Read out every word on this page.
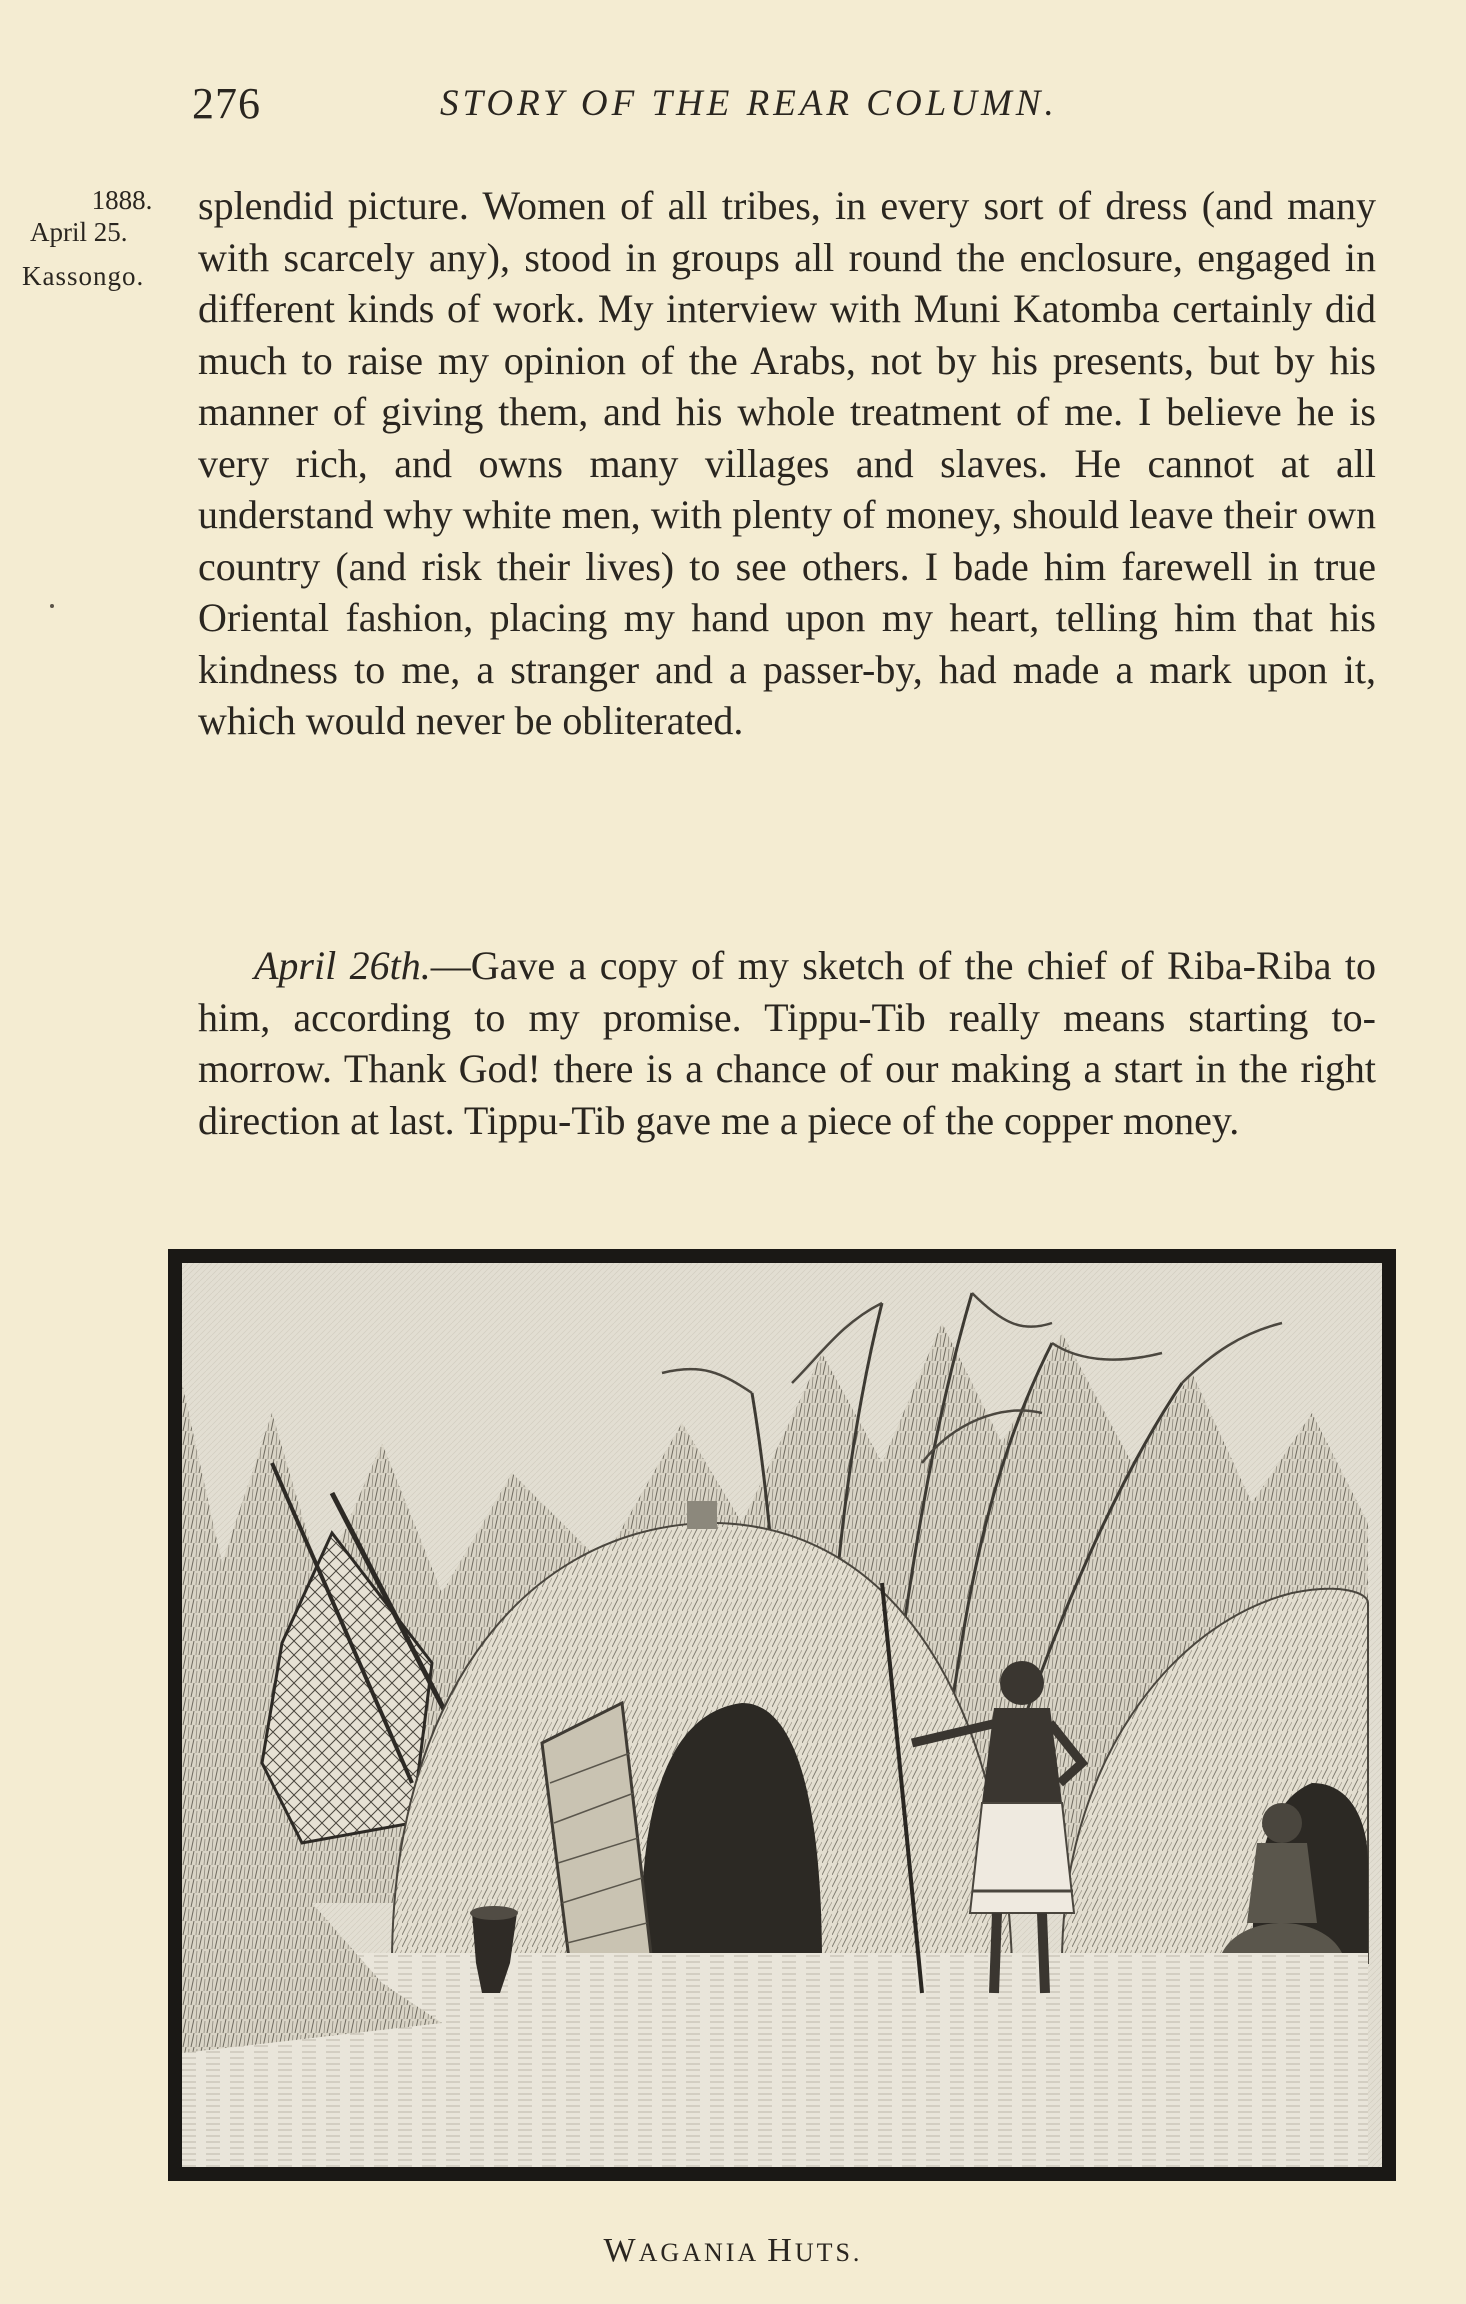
276	STORY OF THE REAR COLUMN.
1888.
April 25.
Kassongo.
splendid picture. Women of all tribes, in every sort of dress (and many with scarcely any), stood in groups all round the enclosure, engaged in different kinds of work. My interview with Muni Katomba certainly did much to raise my opinion of the Arabs, not by his presents, but by his manner of giving them, and his whole treatment of me. I believe he is very rich, and owns many villages and slaves. He cannot at all understand why white men, with plenty of money, should leave their own country (and risk their lives) to see others. I bade him farewell in true Oriental fashion, placing my hand upon my heart, telling him that his kindness to me, a stranger and a passer-by, had made a mark upon it, which would never be obliterated.
April 26th.—Gave a copy of my sketch of the chief of Riba-Riba to him, according to my promise. Tippu-Tib really means starting to-morrow. Thank God! there is a chance of our making a start in the right direction at last. Tippu-Tib gave me a piece of the copper money.
WAGANIA HUTS.
